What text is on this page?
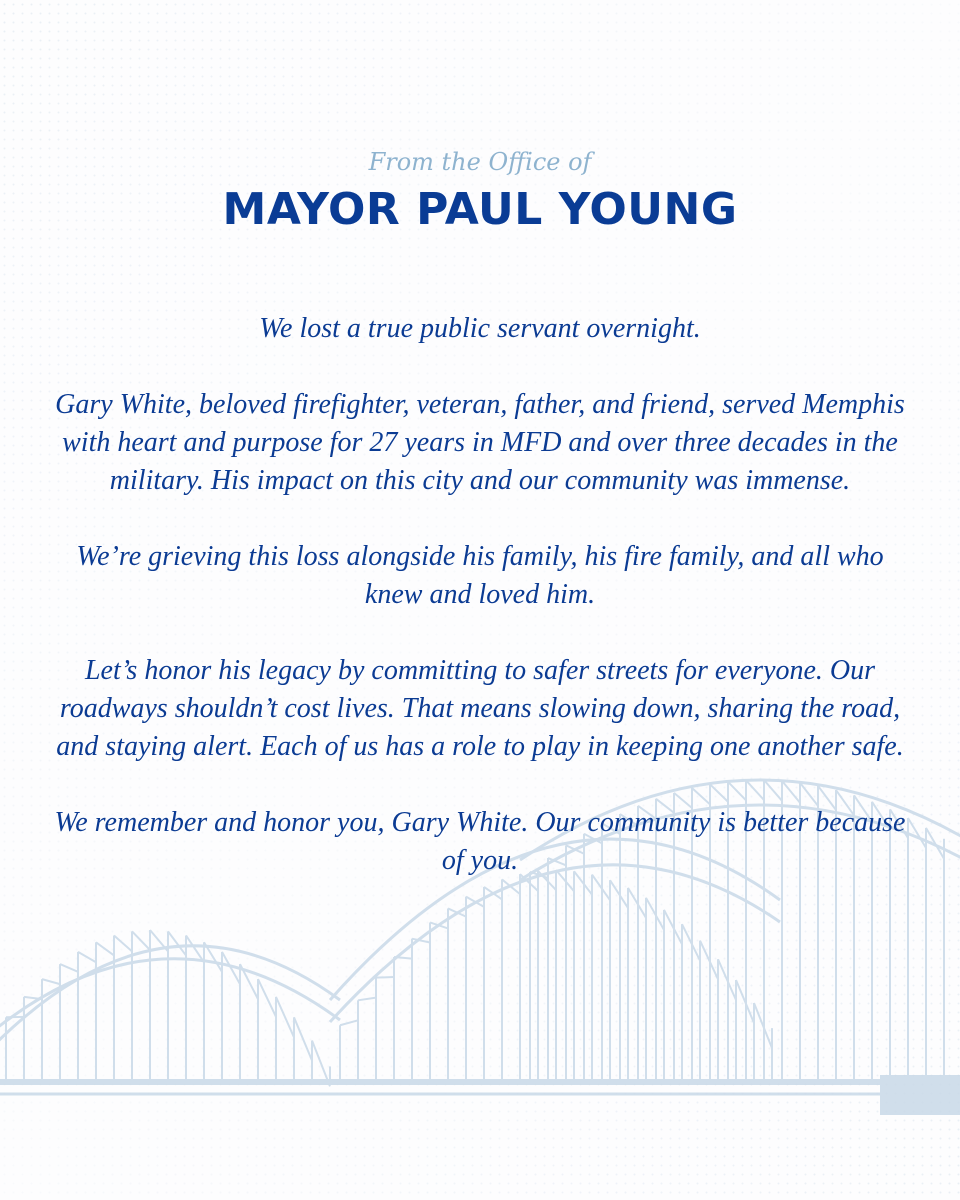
From the Office of
MAYOR PAUL YOUNG

We lost a true public servant overnight.

Gary White, beloved firefighter, veteran, father, and friend, served Memphis with heart and purpose for 27 years in MFD and over three decades in the military. His impact on this city and our community was immense.

We’re grieving this loss alongside his family, his fire family, and all who knew and loved him.

Let’s honor his legacy by committing to safer streets for everyone. Our roadways shouldn’t cost lives. That means slowing down, sharing the road, and staying alert. Each of us has a role to play in keeping one another safe.

We remember and honor you, Gary White. Our community is better because of you.
